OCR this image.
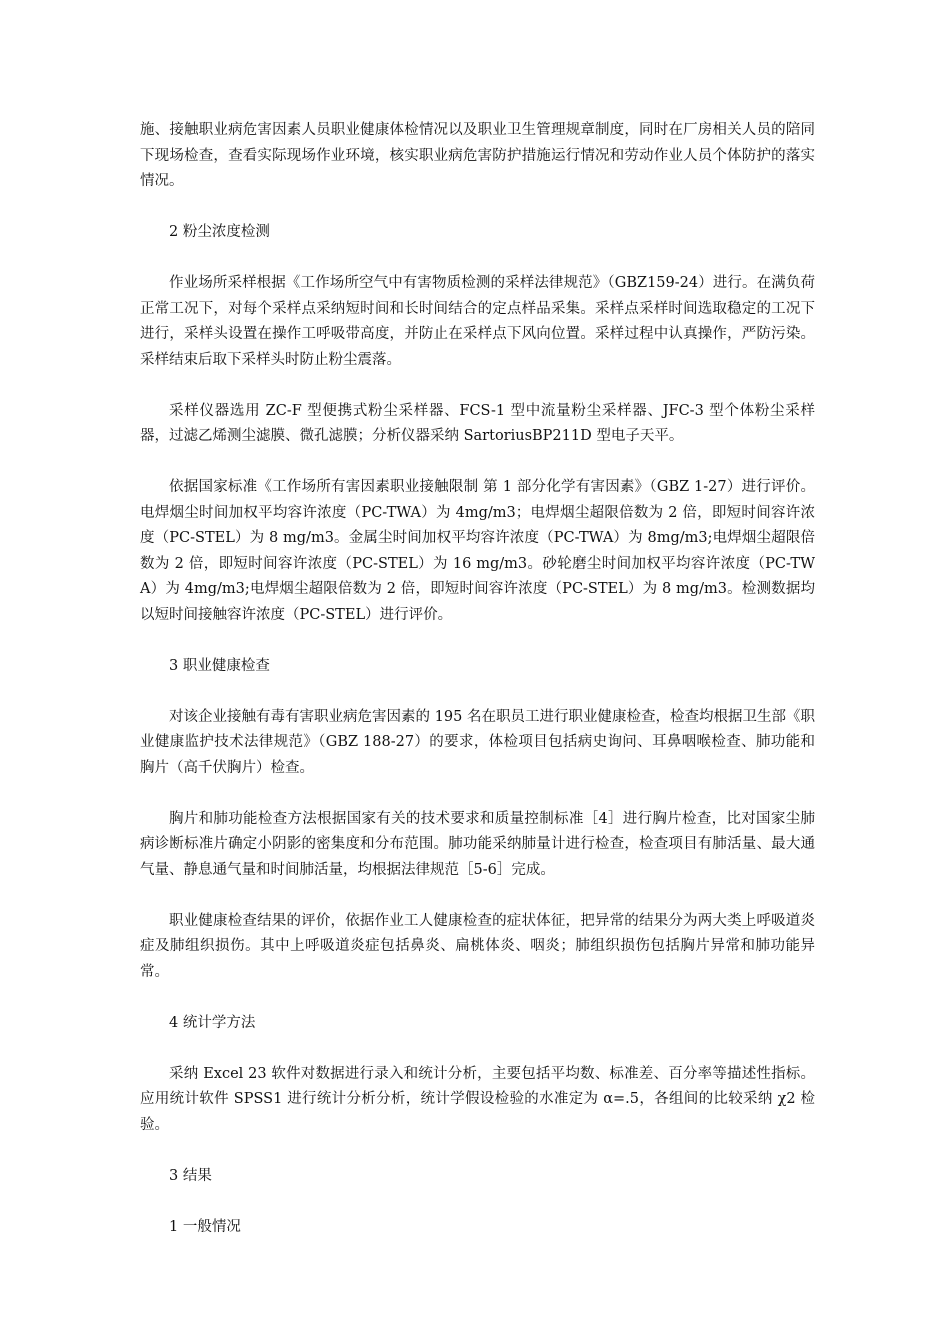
施、接触职业病危害因素人员职业健康体检情况以及职业卫生管理规章制度，同时在厂房相关人员的陪同下现场检查，查看实际现场作业环境，核实职业病危害防护措施运行情况和劳动作业人员个体防护的落实情况。

2 粉尘浓度检测

作业场所采样根据《工作场所空气中有害物质检测的采样法律规范》（GBZ159-24）进行。在满负荷正常工况下，对每个采样点采纳短时间和长时间结合的定点样品采集。采样点采样时间选取稳定的工况下进行，采样头设置在操作工呼吸带高度，并防止在采样点下风向位置。采样过程中认真操作，严防污染。采样结束后取下采样头时防止粉尘震落。

采样仪器选用 ZC-F 型便携式粉尘采样器、FCS-1 型中流量粉尘采样器、JFC-3 型个体粉尘采样器，过滤乙烯测尘滤膜、微孔滤膜；分析仪器采纳 SartoriusBP211D 型电子天平。

依据国家标准《工作场所有害因素职业接触限制 第 1 部分化学有害因素》（GBZ 1-27）进行评价。电焊烟尘时间加权平均容许浓度（PC-TWA）为 4mg/m3；电焊烟尘超限倍数为 2 倍，即短时间容许浓度（PC-STEL）为 8 mg/m3。金属尘时间加权平均容许浓度（PC-TWA）为 8mg/m3;电焊烟尘超限倍数为 2 倍，即短时间容许浓度（PC-STEL）为 16 mg/m3。砂轮磨尘时间加权平均容许浓度（PC-TWA）为 4mg/m3;电焊烟尘超限倍数为 2 倍，即短时间容许浓度（PC-STEL）为 8 mg/m3。检测数据均以短时间接触容许浓度（PC-STEL）进行评价。

3 职业健康检查

对该企业接触有毒有害职业病危害因素的 195 名在职员工进行职业健康检查，检查均根据卫生部《职业健康监护技术法律规范》（GBZ 188-27）的要求，体检项目包括病史询问、耳鼻咽喉检查、肺功能和胸片（高千伏胸片）检查。

胸片和肺功能检查方法根据国家有关的技术要求和质量控制标准［4］进行胸片检查，比对国家尘肺病诊断标准片确定小阴影的密集度和分布范围。肺功能采纳肺量计进行检查，检查项目有肺活量、最大通气量、静息通气量和时间肺活量，均根据法律规范［5-6］完成。

职业健康检查结果的评价，依据作业工人健康检查的症状体征，把异常的结果分为两大类上呼吸道炎症及肺组织损伤。其中上呼吸道炎症包括鼻炎、扁桃体炎、咽炎；肺组织损伤包括胸片异常和肺功能异常。

4 统计学方法

采纳 Excel 23 软件对数据进行录入和统计分析，主要包括平均数、标准差、百分率等描述性指标。应用统计软件 SPSS1 进行统计分析分析，统计学假设检验的水准定为 α=.5，各组间的比较采纳 χ2 检验。

3 结果

1 一般情况
